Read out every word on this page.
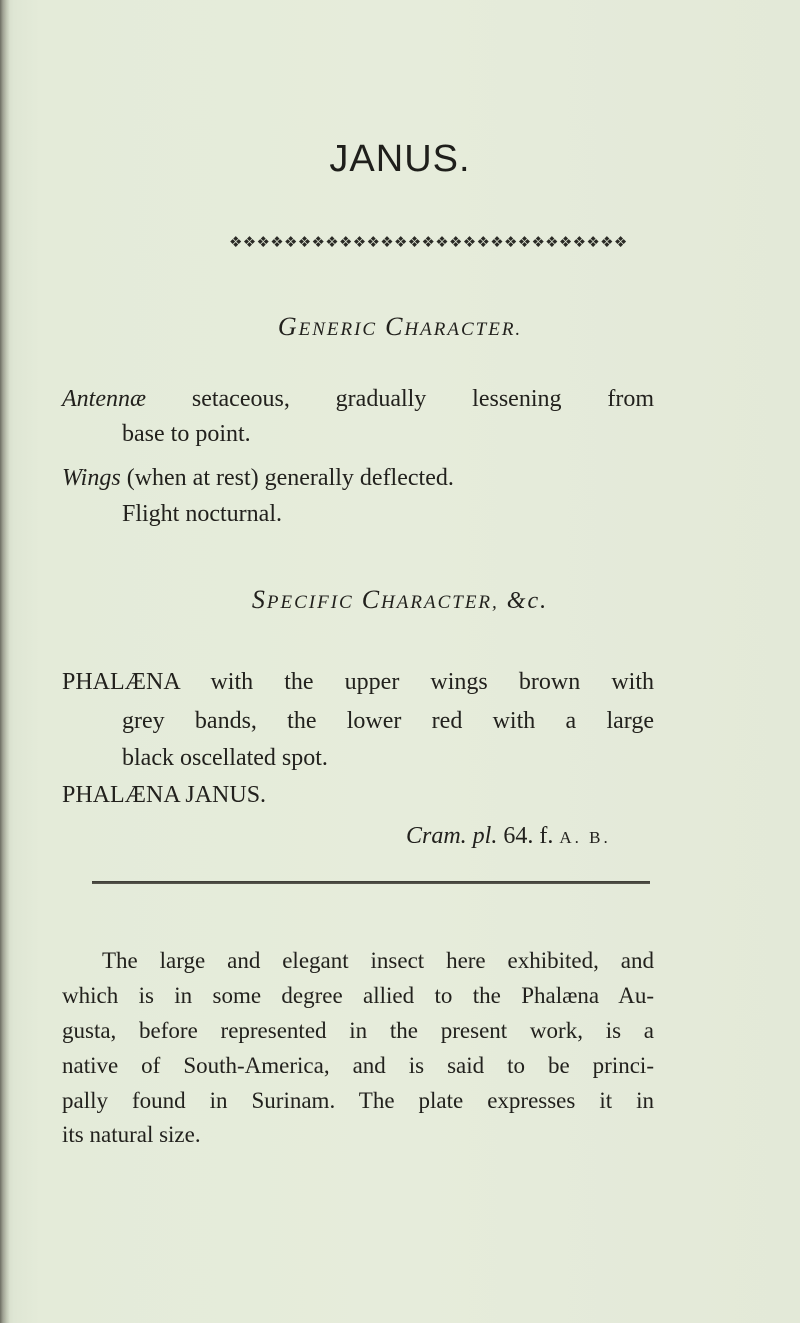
JANUS.
❖❖❖❖❖❖❖❖❖❖❖❖❖❖❖❖❖❖❖❖❖❖❖❖❖❖❖❖❖
GENERIC CHARACTER.
Antennæ setaceous, gradually lessening from
base to point.
Wings (when at rest) generally deflected.
Flight nocturnal.
SPECIFIC CHARACTER, &c.
PHALÆNA with the upper wings brown with
grey bands, the lower red with a large
black oscellated spot.
PHALÆNA JANUS.
Cram. pl. 64. f. A. B.
The large and elegant insect here exhibited, and
which is in some degree allied to the Phalæna Au-
gusta, before represented in the present work, is a
native of South-America, and is said to be princi-
pally found in Surinam. The plate expresses it in
its natural size.
